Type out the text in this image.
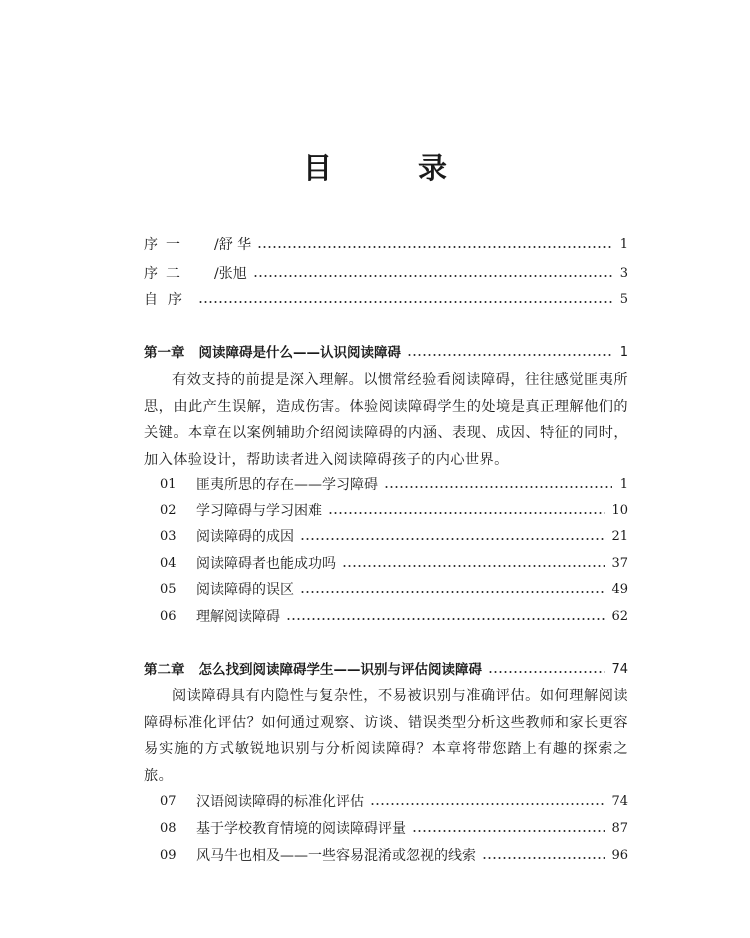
目 录
序一	/舒 华	1
序二	/张旭	3
自序	5
第一章 阅读障碍是什么——认识阅读障碍	1
有效支持的前提是深入理解。以惯常经验看阅读障碍，往往感觉匪夷所思，由此产生误解，造成伤害。体验阅读障碍学生的处境是真正理解他们的关键。本章在以案例辅助介绍阅读障碍的内涵、表现、成因、特征的同时，加入体验设计，帮助读者进入阅读障碍孩子的内心世界。
01	匪夷所思的存在——学习障碍	1
02	学习障碍与学习困难	10
03	阅读障碍的成因	21
04	阅读障碍者也能成功吗	37
05	阅读障碍的误区	49
06	理解阅读障碍	62
第二章 怎么找到阅读障碍学生——识别与评估阅读障碍	74
阅读障碍具有内隐性与复杂性，不易被识别与准确评估。如何理解阅读障碍标准化评估？如何通过观察、访谈、错误类型分析这些教师和家长更容易实施的方式敏锐地识别与分析阅读障碍？本章将带您踏上有趣的探索之旅。
07	汉语阅读障碍的标准化评估	74
08	基于学校教育情境的阅读障碍评量	87
09	风马牛也相及——一些容易混淆或忽视的线索	96
